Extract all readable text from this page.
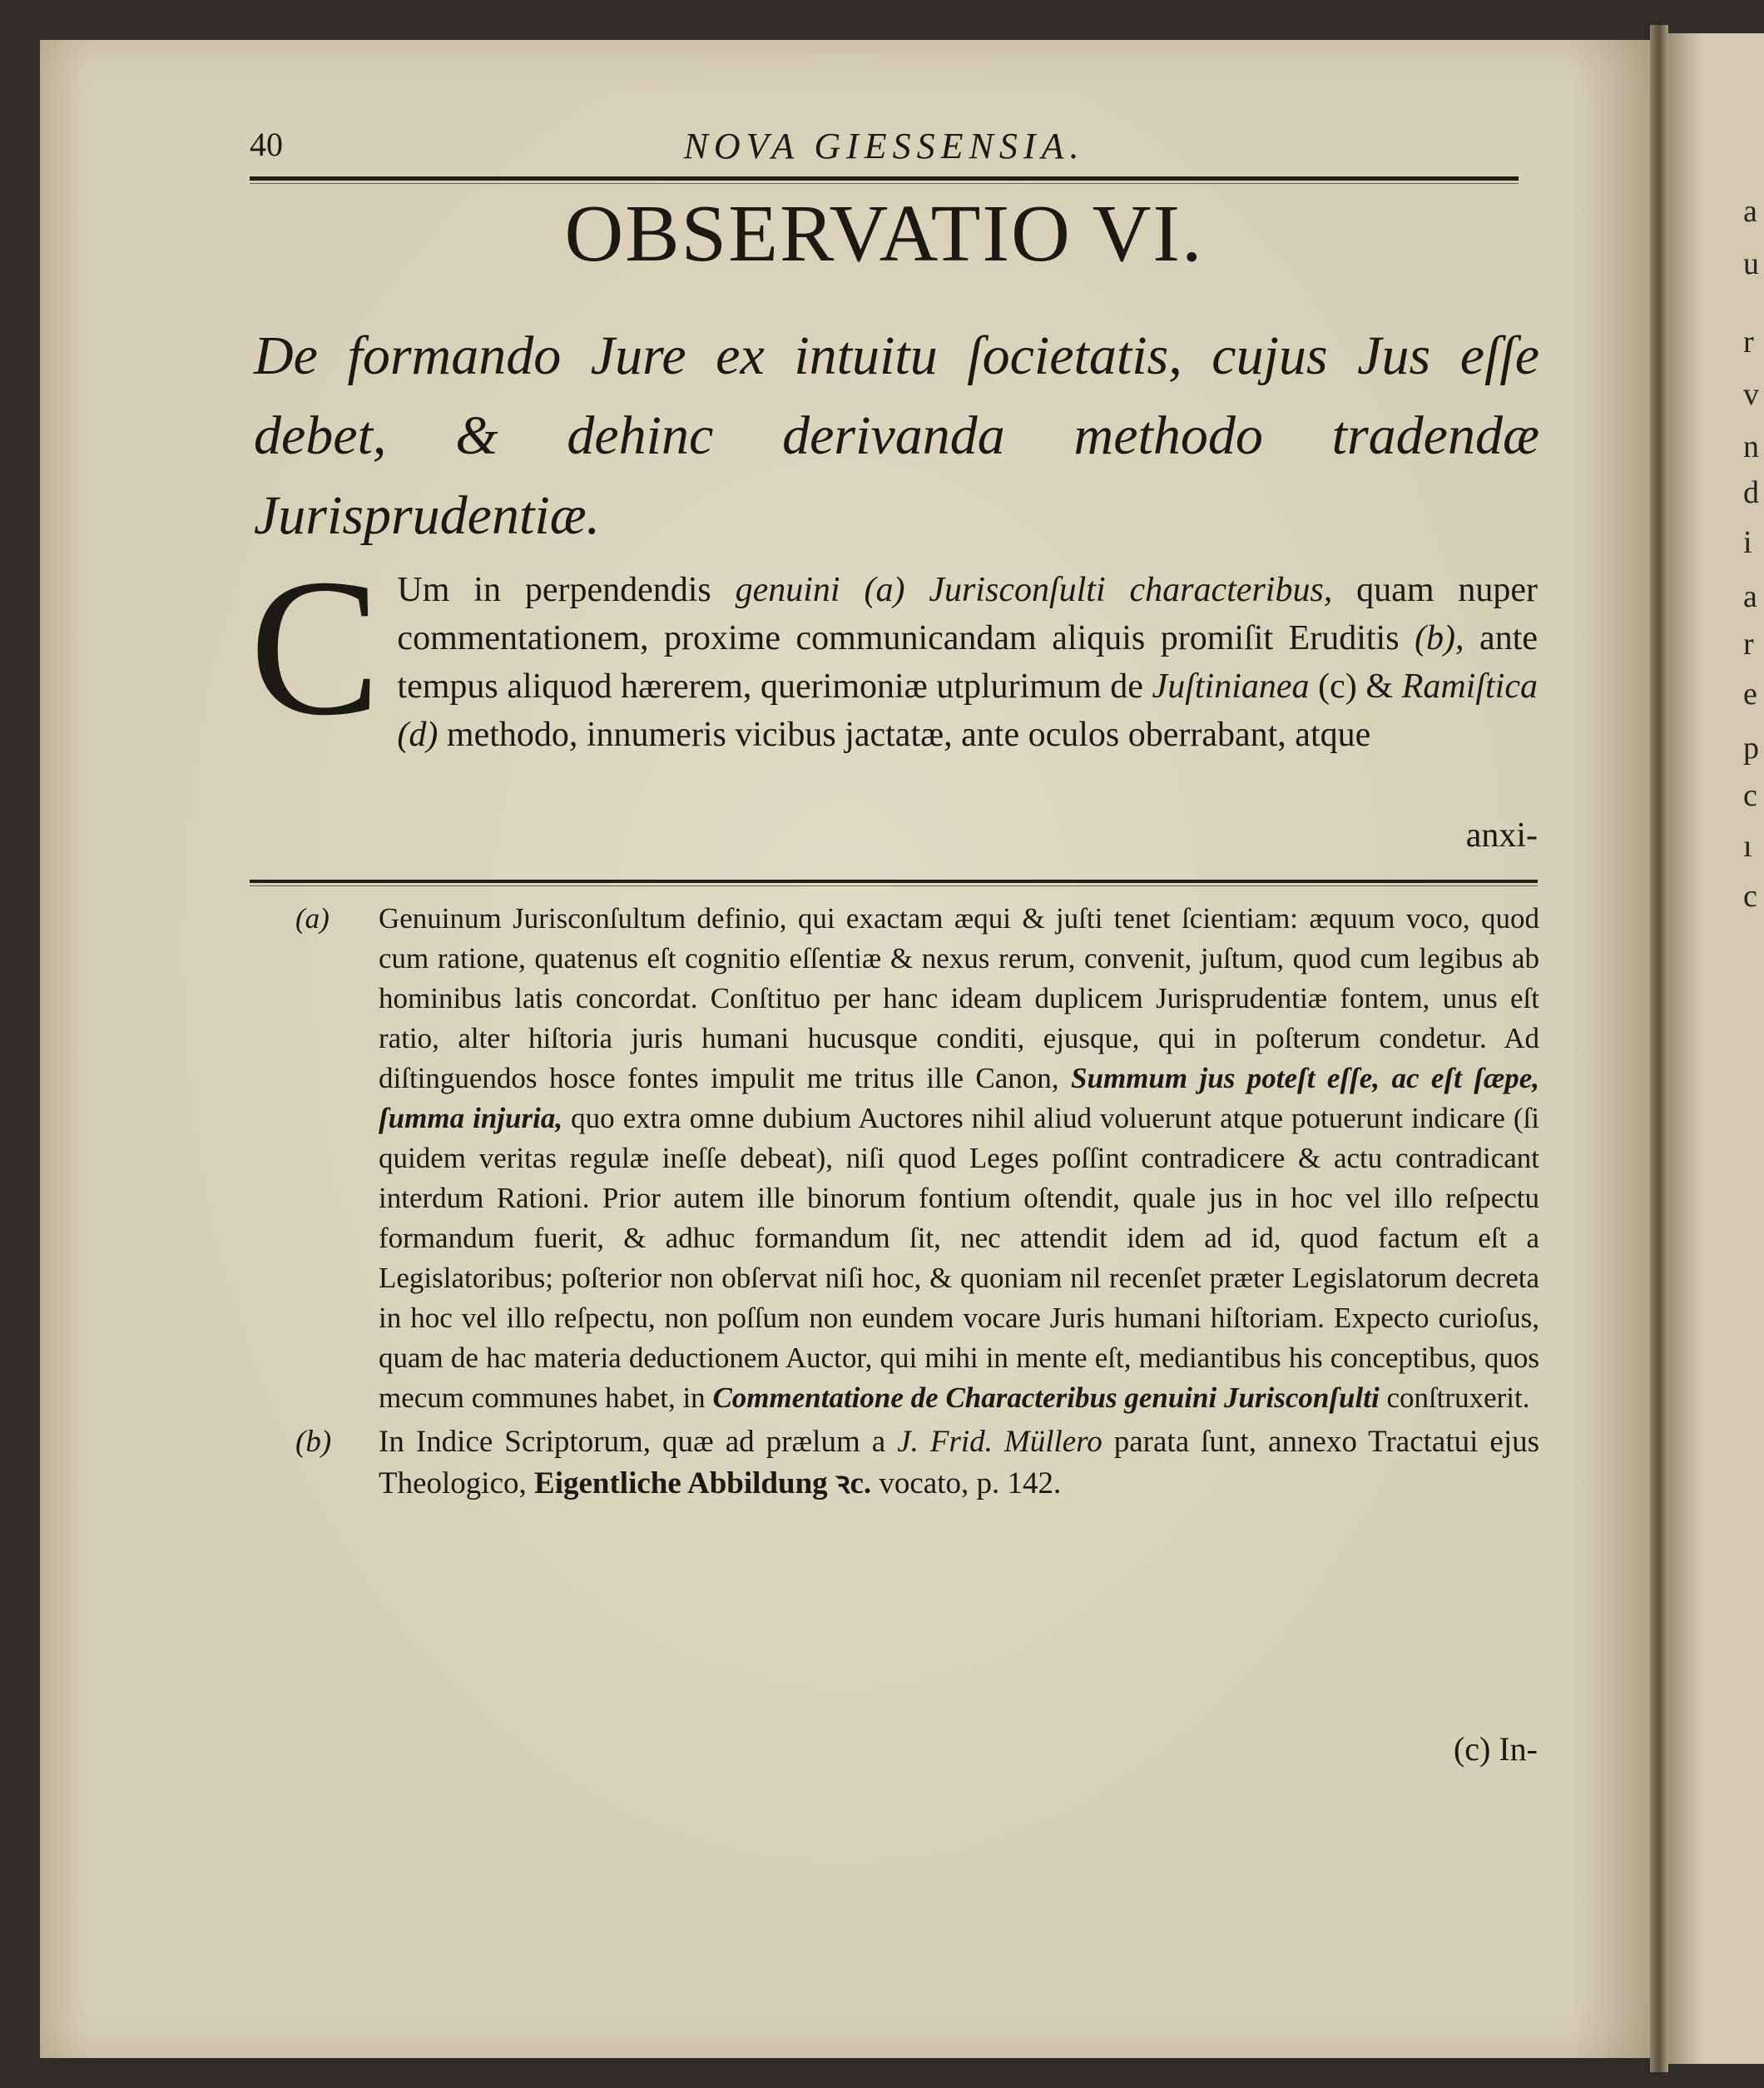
a
u
r
v
n
d
i
a
r
e
p
c
ı
c
40	NOVA GIESSENSIA.
OBSERVATIO VI.
De formando Jure ex intuitu ſocietatis, cujus Jus eſſe debet, & dehinc derivanda methodo tradendæ Jurisprudentiæ.
C Um in perpendendis genuini (a) Jurisconſulti characteribus, quam nuper commentationem, proxime communicandam aliquis promiſit Eruditis (b), ante tempus aliquod hærerem, querimoniæ utplurimum de Juſtinianea (c) & Ramiſtica (d) methodo, innumeris vicibus jactatæ, ante oculos oberrabant, atque
anxi-
(a) Genuinum Jurisconſultum definio, qui exactam æqui & juſti tenet ſcientiam: æquum voco, quod cum ratione, quatenus eſt cognitio eſſentiæ & nexus rerum, convenit, juſtum, quod cum legibus ab hominibus latis concordat. Conſtituo per hanc ideam duplicem Jurisprudentiæ fontem, unus eſt ratio, alter hiſtoria juris humani hucusque conditi, ejusque, qui in poſterum condetur. Ad diſtinguendos hosce fontes impulit me tritus ille Canon, Summum jus poteſt eſſe, ac eſt ſæpe, ſumma injuria, quo extra omne dubium Auctores nihil aliud voluerunt atque potuerunt indicare (ſi quidem veritas regulæ ineſſe debeat), niſi quod Leges poſſint contradicere & actu contradicant interdum Rationi. Prior autem ille binorum fontium oſtendit, quale jus in hoc vel illo reſpectu formandum fuerit, & adhuc formandum ſit, nec attendit idem ad id, quod factum eſt a Legislatoribus; poſterior non obſervat niſi hoc, & quoniam nil recenſet præter Legislatorum decreta in hoc vel illo reſpectu, non poſſum non eundem vocare Juris humani hiſtoriam. Expecto curioſus, quam de hac materia deductionem Auctor, qui mihi in mente eſt, mediantibus his conceptibus, quos mecum communes habet, in Commentatione de Characteribus genuini Jurisconſulti conſtruxerit.
(b) In Indice Scriptorum, quæ ad prælum a J. Frid. Müllero parata ſunt, annexo Tractatui ejus Theologico, Eigentliche Abbildung ꝛc. vocato, p. 142.
(c) In-
